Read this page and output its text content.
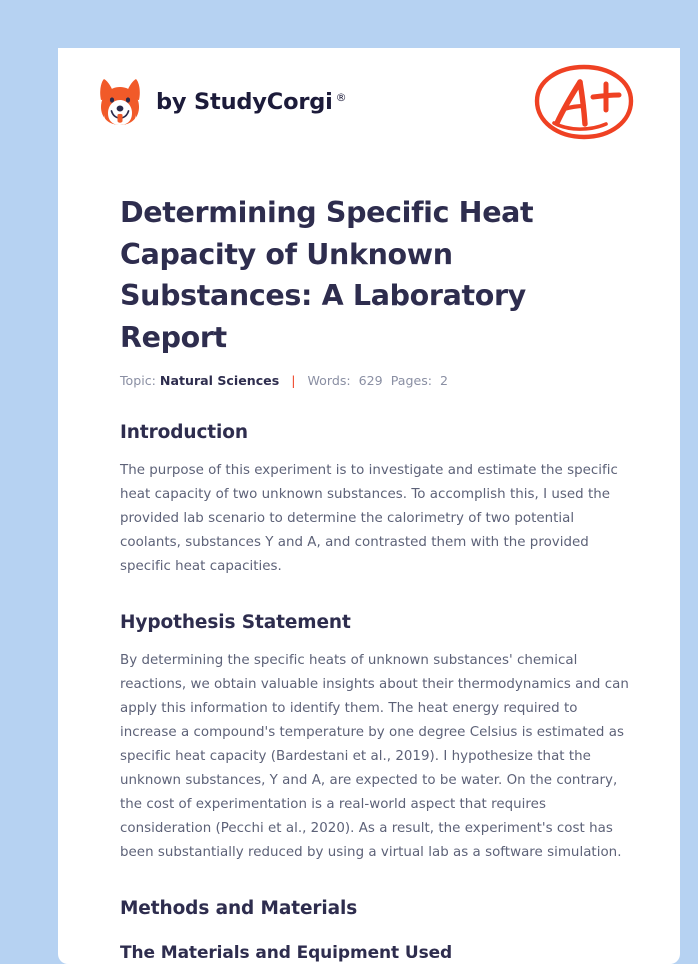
by StudyCorgi ®
Determining Specific Heat Capacity of Unknown Substances: A Laboratory Report
Topic: Natural Sciences | Words: 629 Pages: 2
Introduction

The purpose of this experiment is to investigate and estimate the specific heat capacity of two unknown substances. To accomplish this, I used the provided lab scenario to determine the calorimetry of two potential coolants, substances Y and A, and contrasted them with the provided specific heat capacities.

Hypothesis Statement

By determining the specific heats of unknown substances' chemical reactions, we obtain valuable insights about their thermodynamics and can apply this information to identify them. The heat energy required to increase a compound's temperature by one degree Celsius is estimated as specific heat capacity (Bardestani et al., 2019). I hypothesize that the unknown substances, Y and A, are expected to be water. On the contrary, the cost of experimentation is a real-world aspect that requires consideration (Pecchi et al., 2020). As a result, the experiment's cost has been substantially reduced by using a virtual lab as a software simulation.

Methods and Materials
The Materials and Equipment Used
